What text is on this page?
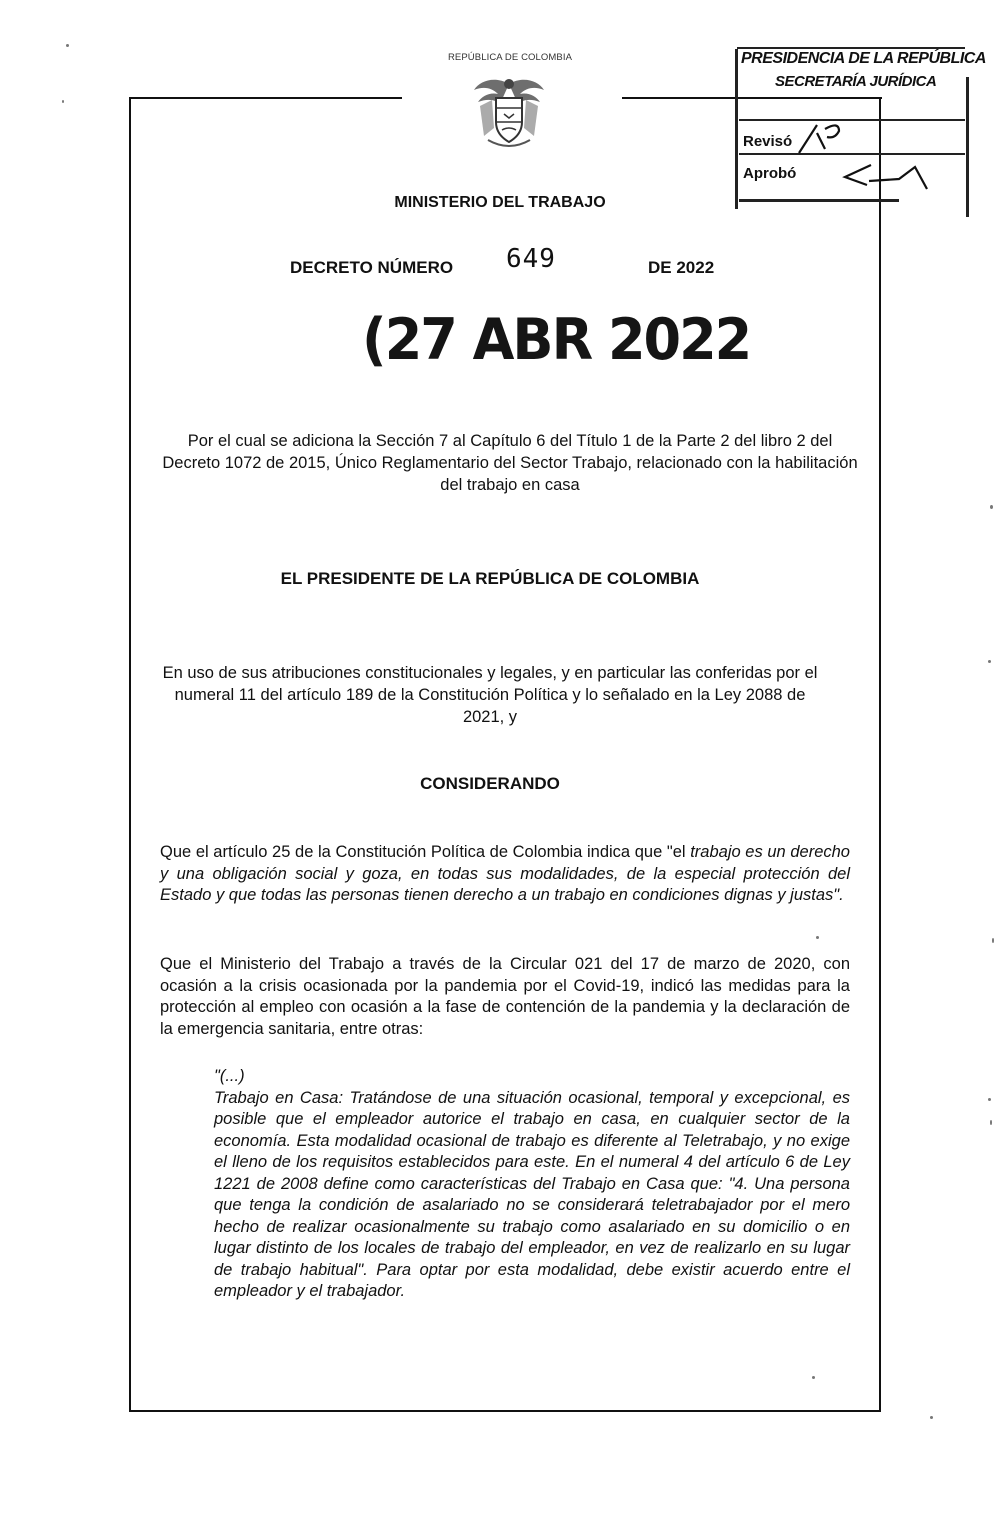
REPÚBLICA DE COLOMBIA	PRESIDENCIA DE LA REPÚBLICA
SECRETARÍA JURÍDICA
Revisó
Aprobó
MINISTERIO DEL TRABAJO
DECRETO NÚMERO 649	DE 2022
(27 ABR 2022
Por el cual se adiciona la Sección 7 al Capítulo 6 del Título 1 de la Parte 2 del libro 2 del Decreto 1072 de 2015, Único Reglamentario del Sector Trabajo, relacionado con la habilitación del trabajo en casa
EL PRESIDENTE DE LA REPÚBLICA DE COLOMBIA
En uso de sus atribuciones constitucionales y legales, y en particular las conferidas por el numeral 11 del artículo 189 de la Constitución Política y lo señalado en la Ley 2088 de 2021, y
CONSIDERANDO
Que el artículo 25 de la Constitución Política de Colombia indica que "el trabajo es un derecho y una obligación social y goza, en todas sus modalidades, de la especial protección del Estado y que todas las personas tienen derecho a un trabajo en condiciones dignas y justas".
Que el Ministerio del Trabajo a través de la Circular 021 del 17 de marzo de 2020, con ocasión a la crisis ocasionada por la pandemia por el Covid-19, indicó las medidas para la protección al empleo con ocasión a la fase de contención de la pandemia y la declaración de la emergencia sanitaria, entre otras:
"(...)
Trabajo en Casa: Tratándose de una situación ocasional, temporal y excepcional, es posible que el empleador autorice el trabajo en casa, en cualquier sector de la economía. Esta modalidad ocasional de trabajo es diferente al Teletrabajo, y no exige el lleno de los requisitos establecidos para este. En el numeral 4 del artículo 6 de Ley 1221 de 2008 define como características del Trabajo en Casa que: "4. Una persona que tenga la condición de asalariado no se considerará teletrabajador por el mero hecho de realizar ocasionalmente su trabajo como asalariado en su domicilio o en lugar distinto de los locales de trabajo del empleador, en vez de realizarlo en su lugar de trabajo habitual". Para optar por esta modalidad, debe existir acuerdo entre el empleador y el trabajador.
